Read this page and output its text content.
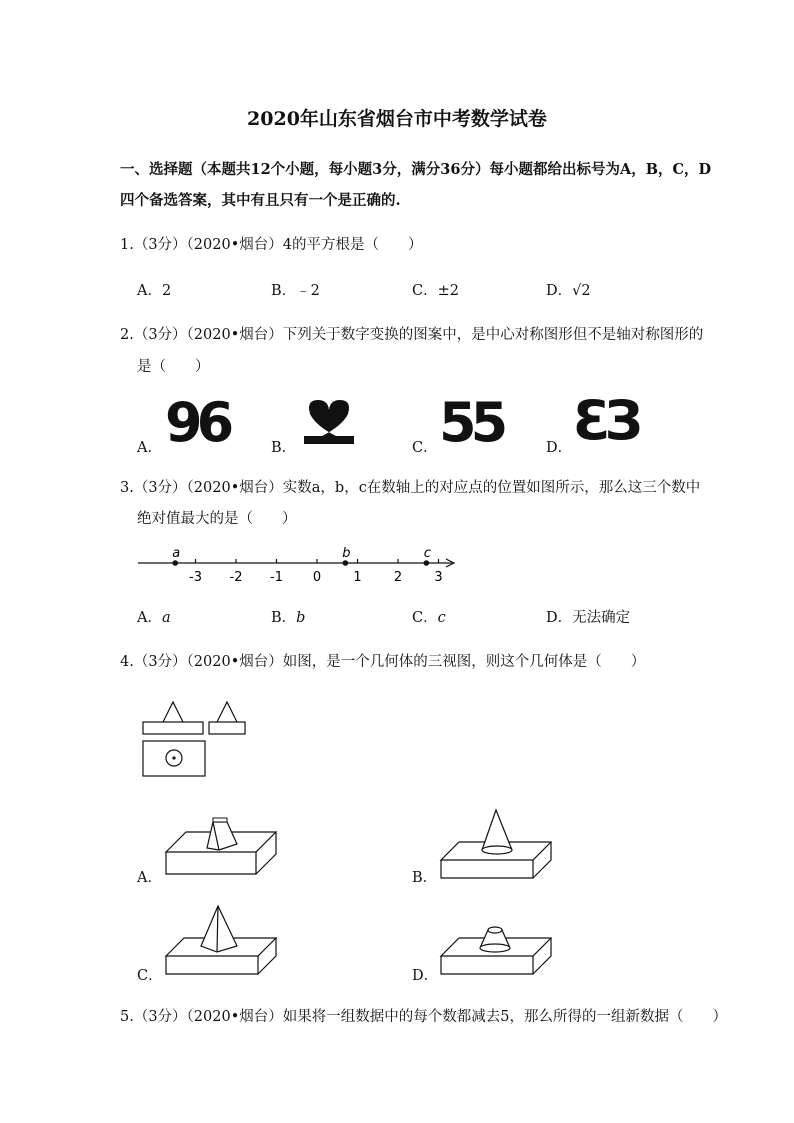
2020年山东省烟台市中考数学试卷
一、选择题（本题共12个小题，每小题3分，满分36分）每小题都给出标号为A，B，C，D
四个备选答案，其中有且只有一个是正确的.
1.（3分）（2020•烟台）4的平方根是（　　）
A．2	B．﹣2	C．±2	D．√2
2.（3分）（2020•烟台）下列关于数字变换的图案中，是中心对称图形但不是轴对称图形的
是（　　）
A． 96	B．	C． 55	D． ƐЗ
3.（3分）（2020•烟台）实数a，b，c在数轴上的对应点的位置如图所示，那么这三个数中
绝对值最大的是（　　）
-3 -2 -1 0 1 2 3
a	b	c
A．a	B．b	C．c	D．无法确定
4.（3分）（2020•烟台）如图，是一个几何体的三视图，则这个几何体是（　　）
A．	B．
C．	D．
5.（3分）（2020•烟台）如果将一组数据中的每个数都减去5，那么所得的一组新数据（　　）
